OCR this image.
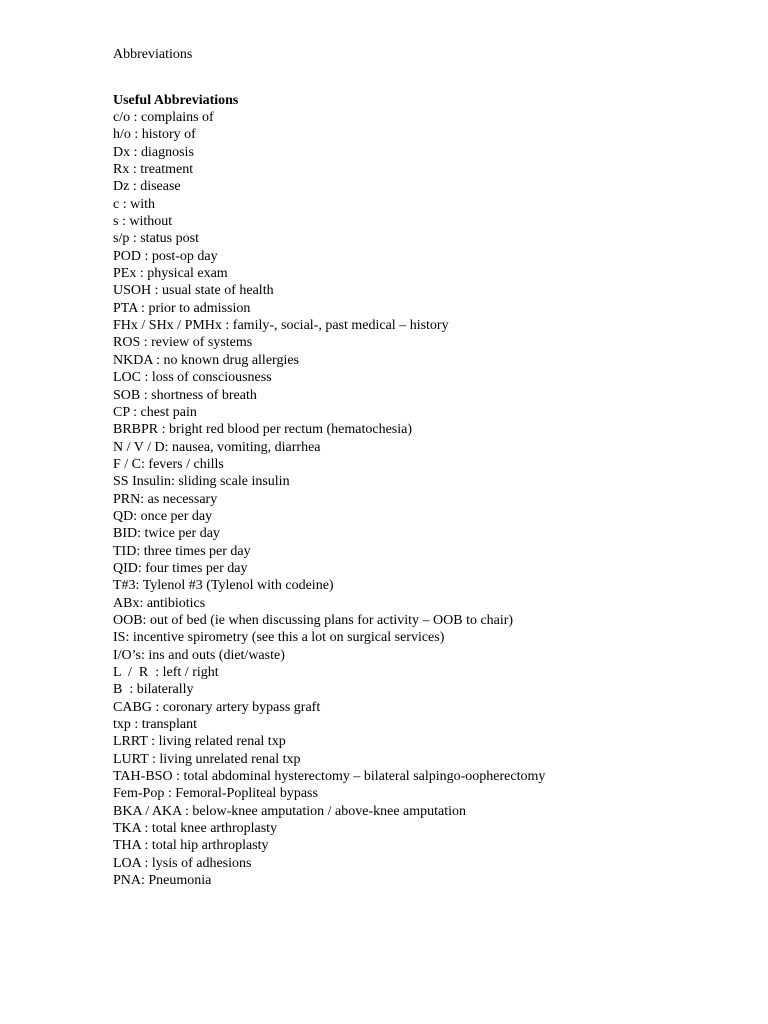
Abbreviations
Useful Abbreviations
c/o : complains of
h/o : history of
Dx : diagnosis
Rx : treatment
Dz : disease
c : with
s : without
s/p : status post
POD : post-op day
PEx : physical exam
USOH : usual state of health
PTA : prior to admission
FHx / SHx / PMHx : family-, social-, past medical – history
ROS : review of systems
NKDA : no known drug allergies
LOC : loss of consciousness
SOB : shortness of breath
CP : chest pain
BRBPR : bright red blood per rectum (hematochesia)
N / V / D: nausea, vomiting, diarrhea
F / C: fevers / chills
SS Insulin: sliding scale insulin
PRN: as necessary
QD: once per day
BID: twice per day
TID: three times per day
QID: four times per day
T#3: Tylenol #3 (Tylenol with codeine)
ABx: antibiotics
OOB: out of bed (ie when discussing plans for activity – OOB to chair)
IS: incentive spirometry (see this a lot on surgical services)
I/O’s: ins and outs (diet/waste)
L  /  R  : left / right
B  : bilaterally
CABG : coronary artery bypass graft
txp : transplant
LRRT : living related renal txp
LURT : living unrelated renal txp
TAH-BSO : total abdominal hysterectomy – bilateral salpingo-oopherectomy
Fem-Pop : Femoral-Popliteal bypass
BKA / AKA : below-knee amputation / above-knee amputation
TKA : total knee arthroplasty
THA : total hip arthroplasty
LOA : lysis of adhesions
PNA: Pneumonia
